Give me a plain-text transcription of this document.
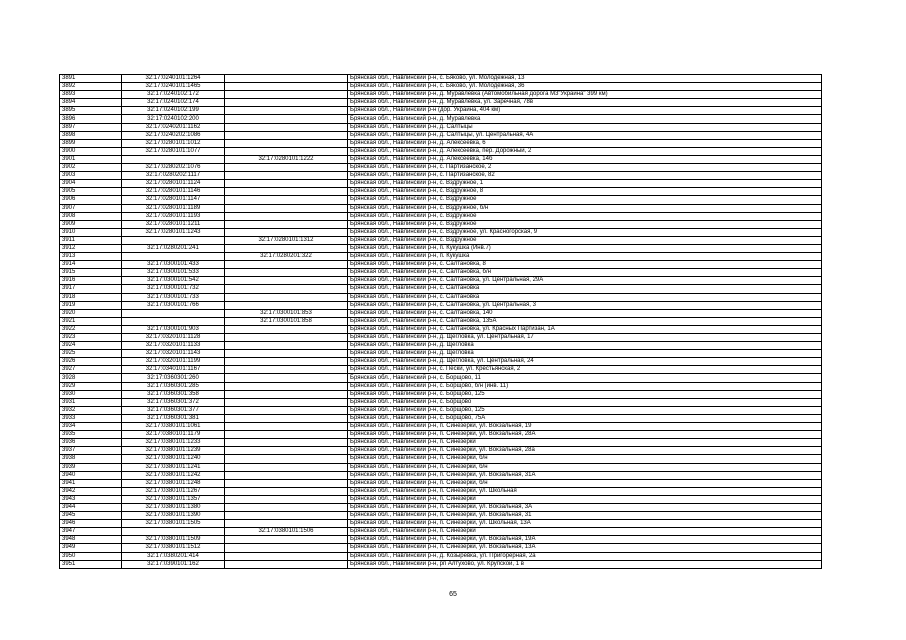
3891	32:17:0240101:1264		Брянская обл., Навлинский р-н, с. Бяково, ул. Молодежная, 13
3892	32:17:0240101:1465		Брянская обл., Навлинский р-н, с. Бяково, ул. Молодежная, 36
3893	32:17:0240102:172		Брянская обл., Навлинский р-н, д. Муравлевка (Автомобильная дорога М3"Украина" 399 км)
3894	32:17:0240102:174		Брянская обл., Навлинский р-н, д. Муравлевка, ул. Заречная, 78в
3895	32:17:0240102:199		Брянская обл., Навлинский р-н (дор. Украина, 404 км)
3896	32:17:0240102:200		Брянская обл., Навлинский р-н, д. Муравлевка
3897	32:17:0240201:1162		Брянская обл., Навлинский р-н, д. Салтыцы
3898	32:17:0240202:1086		Брянская обл., Навлинский р-н, д. Салтыцы, ул. Центральная, 4А
3899	32:17:0280101:1012		Брянская обл., Навлинский р-н, д. Алексеевка, 6
3900	32:17:0280101:1077		Брянская обл., Навлинский р-н, д. Алексеевка, пер. Дорожный, 2
3901		32:17:0280101:1222	Брянская обл., Навлинский р-н, д. Алексеевка, 14б
3902	32:17:0280202:1076		Брянская обл., Навлинский р-н, с. Партизанское, 2
3903	32:17:0280202:1117		Брянская обл., Навлинский р-н, с. Партизанское, 82
3904	32:17:0280101:1124		Брянская обл., Навлинский р-н, с. Вздружное, 1
3905	32:17:0280101:1146		Брянская обл., Навлинский р-н, с. Вздружное, 8
3906	32:17:0280101:1147		Брянская обл., Навлинский р-н, с. Вздружное
3907	32:17:0280101:1189		Брянская обл., Навлинский р-н, с. Вздружное, б/н
3908	32:17:0280101:1193		Брянская обл., Навлинский р-н, с. Вздружное
3909	32:17:0280101:1211		Брянская обл., Навлинский р-н, с. Вздружное
3910	32:17:0280101:1243		Брянская обл., Навлинский р-н, с. Вздружное, ул. Красногорская, 9
3911		32:17:0280101:1312	Брянская обл., Навлинский р-н, с. Вздружное
3912	32:17:0280201:241		Брянская обл., Навлинский р-н, п. Кукушка (Инв.7)
3913		32:17:0280201:322	Брянская обл., Навлинский р-н, п. Кукушка
3914	32:17:0300101:433		Брянская обл., Навлинский р-н, с. Салтановка, 8
3915	32:17:0300101:533		Брянская обл., Навлинский р-н, с. Салтановка, б/н
3916	32:17:0300101:542		Брянская обл., Навлинский р-н, с. Салтановка, ул. Центральная, 29А
3917	32:17:0300101:732		Брянская обл., Навлинский р-н, с. Салтановка
3918	32:17:0300101:733		Брянская обл., Навлинский р-н, с. Салтановка
3919	32:17:0300101:766		Брянская обл., Навлинский р-н, с. Салтановка, ул. Центральная, 3
3920		32:17:0300101:853	Брянская обл., Навлинский р-н, с. Салтановка, 140
3921		32:17:0300101:858	Брянская обл., Навлинский р-н, с. Салтановка, 135А
3922	32:17:0300101:903		Брянская обл., Навлинский р-н, с. Салтановка, ул. Красных Партизан, 1А
3923	32:17:0320101:1128		Брянская обл., Навлинский р-н, д. Щегловка, ул. Центральная, 17
3924	32:17:0320101:1133		Брянская обл., Навлинский р-н, д. Щегловка
3925	32:17:0320101:1143		Брянская обл., Навлинский р-н, д. Щегловка
3926	32:17:0320101:1199		Брянская обл., Навлинский р-н, д. Щегловка, ул. Центральная, 24
3927	32:17:0340101:1167		Брянская обл., Навлинский р-н, с. Пески, ул. Крестьянская, 2
3928	32:17:0360301:260		Брянская обл., Навлинский р-н, с. Борщово, 11
3929	32:17:0360301:285		Брянская обл., Навлинский р-н, с. Борщово, б/н (инв. 11)
3930	32:17:0360301:358		Брянская обл., Навлинский р-н, с. Борщово, 125
3931	32:17:0360301:372		Брянская обл., Навлинский р-н, с. Борщово
3932	32:17:0360301:377		Брянская обл., Навлинский р-н, с. Борщово, 125
3933	32:17:0360301:381		Брянская обл., Навлинский р-н, с. Борщово, 75А
3934	32:17:0380101:1061		Брянская обл., Навлинский р-н, п. Синезерки, ул. Вокзальная, 19
3935	32:17:0380101:1179		Брянская обл., Навлинский р-н, п. Синезерки, ул. Вокзальная, 28А
3936	32:17:0380101:1233		Брянская обл., Навлинский р-н, п. Синезерки
3937	32:17:0380101:1239		Брянская обл., Навлинский р-н, п. Синезерки, ул. Вокзальная, 28а
3938	32:17:0380101:1240		Брянская обл., Навлинский р-н, п. Синезерки, б/н
3939	32:17:0380101:1241		Брянская обл., Навлинский р-н, п. Синезерки, б/н
3940	32:17:0380101:1242		Брянская обл., Навлинский р-н, п. Синезерки, ул. Вокзальная, 31А
3941	32:17:0380101:1248		Брянская обл., Навлинский р-н, п. Синезерки, б/н
3942	32:17:0380101:1267		Брянская обл., Навлинский р-н, п. Синезерки, ул. Школьная
3943	32:17:0380101:1357		Брянская обл., Навлинский р-н, п. Синезерки
3944	32:17:0380101:1380		Брянская обл., Навлинский р-н, п. Синезерки, ул. Вокзальная, 3А
3945	32:17:0380101:1390		Брянская обл., Навлинский р-н, п. Синезерки, ул. Вокзальная, 31
3946	32:17:0380101:1505		Брянская обл., Навлинский р-н, п. Синезерки, ул. Школьная, 13А
3947		32:17:0380101:1506	Брянская обл., Навлинский р-н, п. Синезерки
3948	32:17:0380101:1509		Брянская обл., Навлинский р-н, п. Синезерки, ул. Вокзальная, 19А
3949	32:17:0380101:1512		Брянская обл., Навлинский р-н, п. Синезерки, ул. Вокзальная, 13А
3950	32:17:0380201:414		Брянская обл., Навлинский р-н, д. Козыревка, ул. Пригорерная, 2а
3951	32:17:0390101:162		Брянская обл., Навлинский р-н, рп Алтухово, ул. Крупской, 1 в
65
